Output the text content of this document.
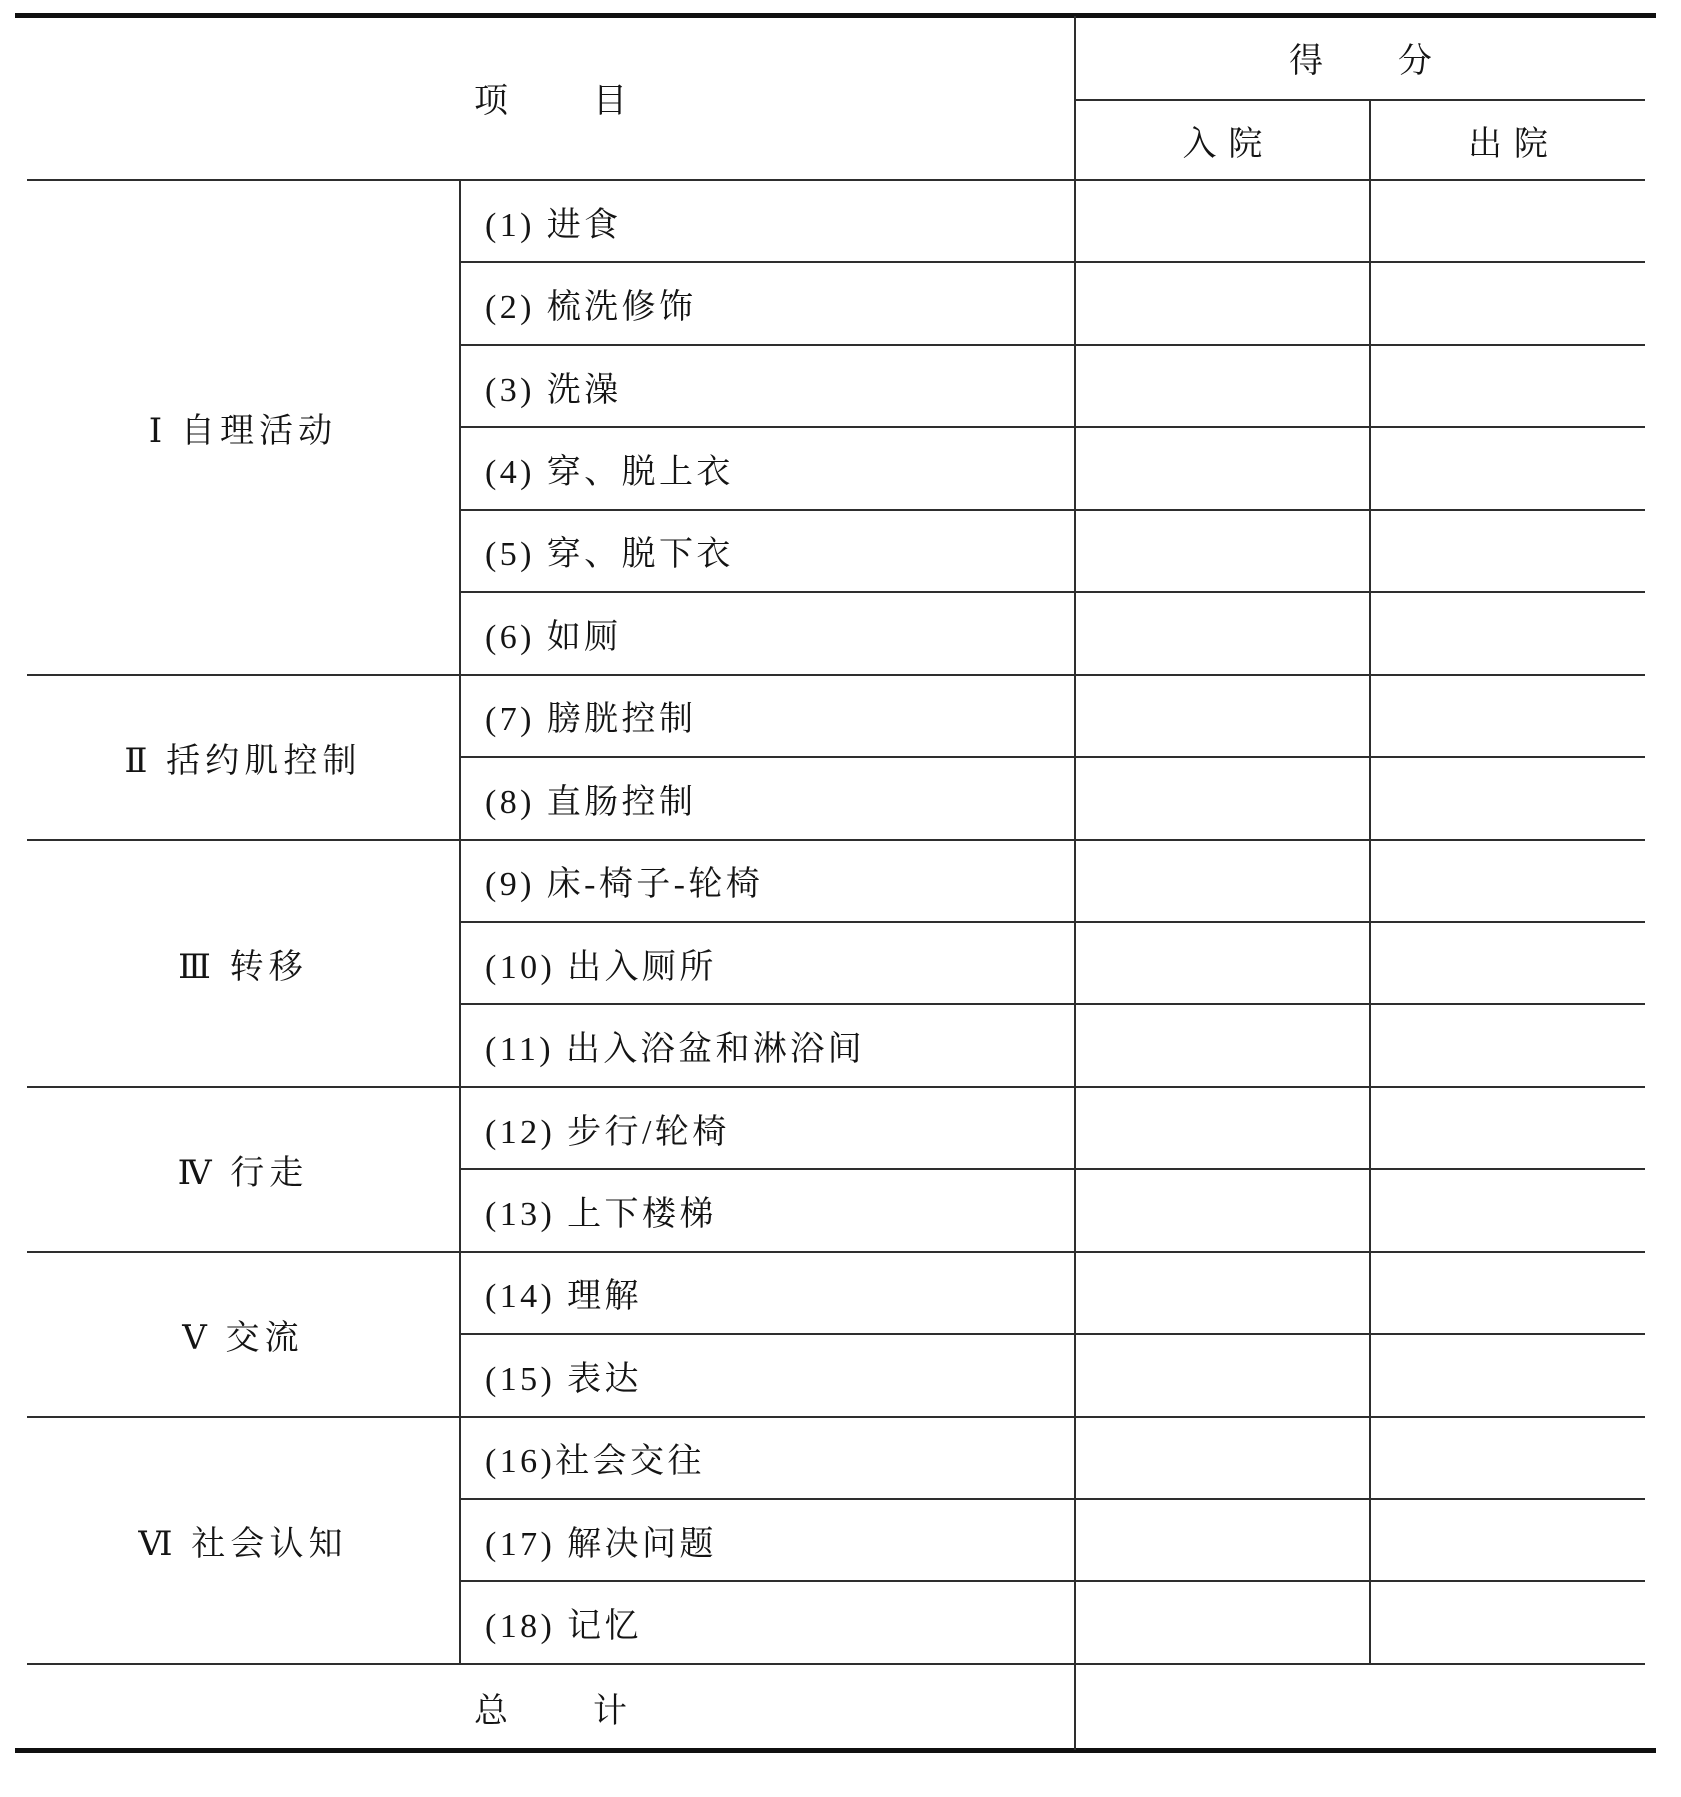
项目		得分	
		入院	出院
Ⅰ 自理活动	(1) 进食		
	(2) 梳洗修饰		
	(3) 洗澡		
	(4) 穿、脱上衣		
	(5) 穿、脱下衣		
	(6) 如厕		
Ⅱ 括约肌控制	(7) 膀胱控制		
	(8) 直肠控制		
Ⅲ 转移	(9) 床-椅子-轮椅		
	(10) 出入厕所		
	(11) 出入浴盆和淋浴间		
Ⅳ 行走	(12) 步行/轮椅		
	(13) 上下楼梯		
Ⅴ 交流	(14) 理解		
	(15) 表达		
Ⅵ 社会认知	(16)社会交往		
	(17) 解决问题		
	(18) 记忆		
总计			
